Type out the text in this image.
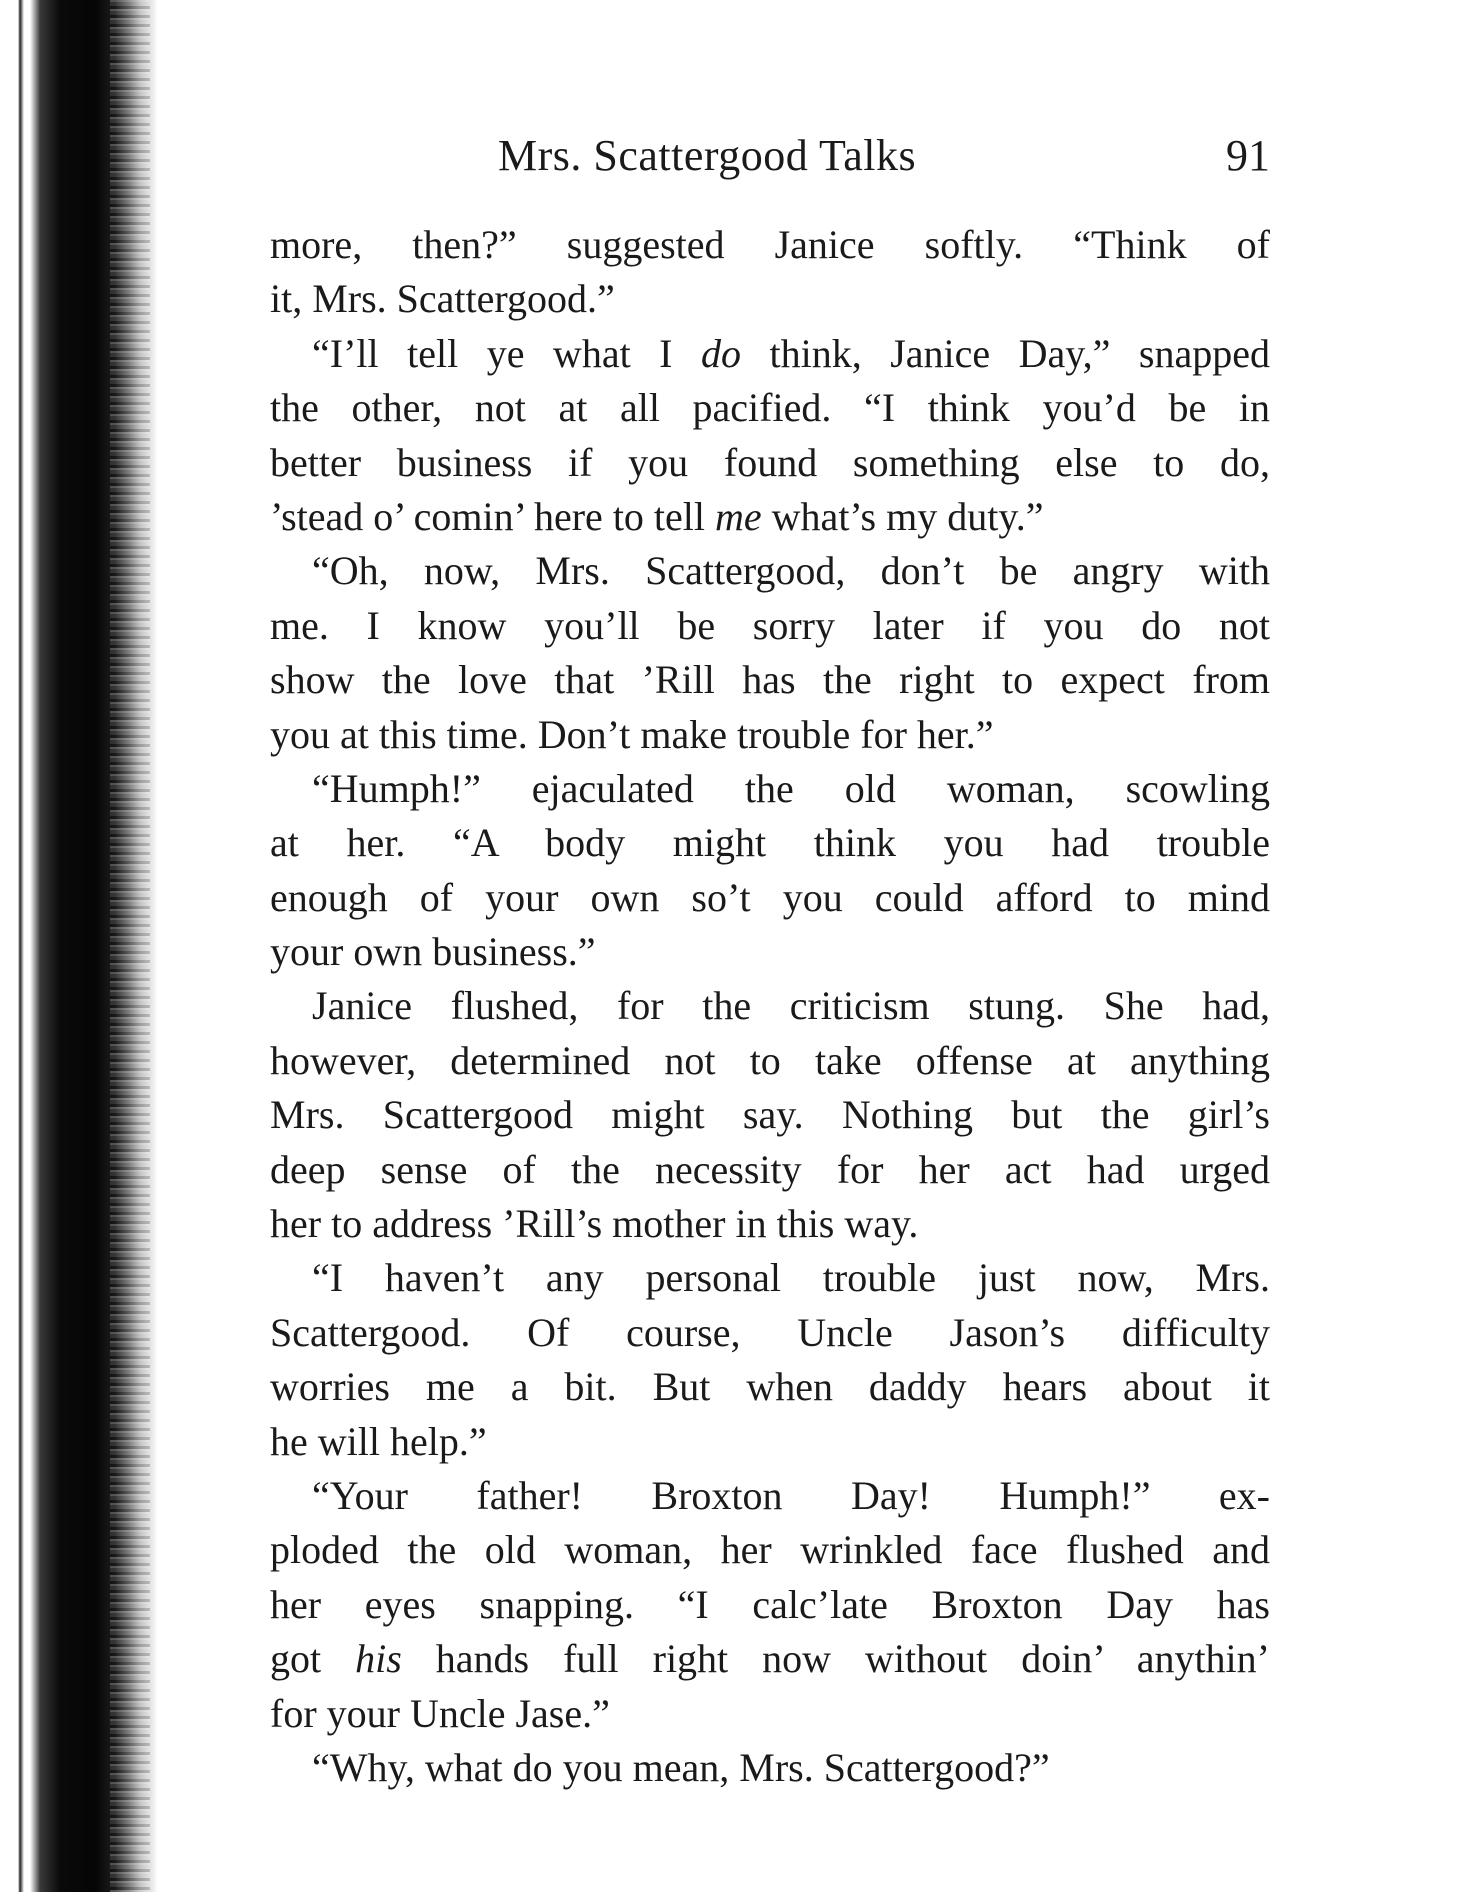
Mrs. Scattergood Talks	91
more, then?” suggested Janice softly. “Think of
it, Mrs. Scattergood.”
“I’ll tell ye what I do think, Janice Day,” snapped
the other, not at all pacified. “I think you’d be in
better business if you found something else to do,
’stead o’ comin’ here to tell me what’s my duty.”
“Oh, now, Mrs. Scattergood, don’t be angry with
me. I know you’ll be sorry later if you do not
show the love that ’Rill has the right to expect from
you at this time. Don’t make trouble for her.”
“Humph!” ejaculated the old woman, scowling
at her. “A body might think you had trouble
enough of your own so’t you could afford to mind
your own business.”
Janice flushed, for the criticism stung. She had,
however, determined not to take offense at anything
Mrs. Scattergood might say. Nothing but the girl’s
deep sense of the necessity for her act had urged
her to address ’Rill’s mother in this way.
“I haven’t any personal trouble just now, Mrs.
Scattergood. Of course, Uncle Jason’s difficulty
worries me a bit. But when daddy hears about it
he will help.”
“Your father! Broxton Day! Humph!” ex-
ploded the old woman, her wrinkled face flushed and
her eyes snapping. “I calc’late Broxton Day has
got his hands full right now without doin’ anythin’
for your Uncle Jase.”
“Why, what do you mean, Mrs. Scattergood?”
